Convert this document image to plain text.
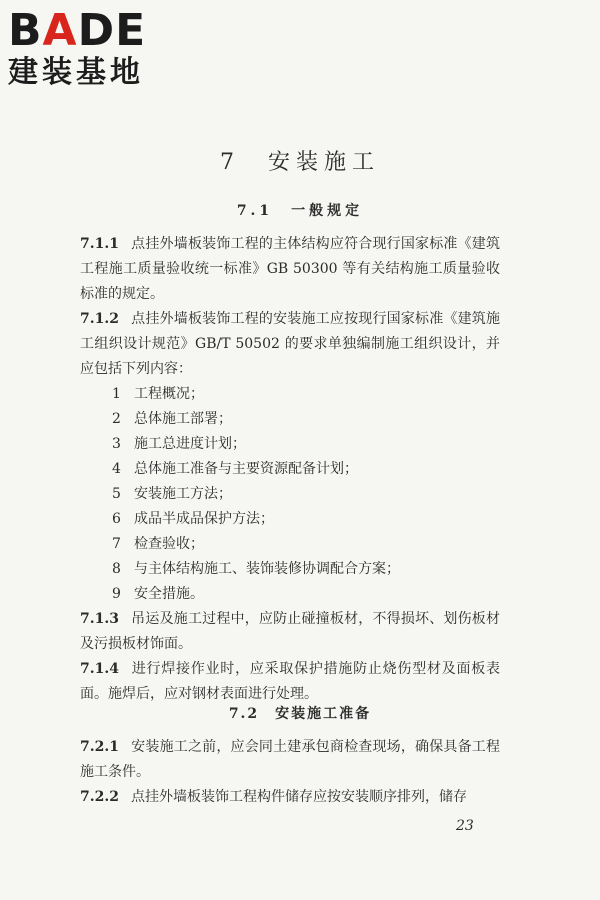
BADE
建装基地
7　安装施工
7.1　一般规定

7.1.1 点挂外墙板装饰工程的主体结构应符合现行国家标准《建筑工程施工质量验收统一标准》GB 50300 等有关结构施工质量验收标准的规定。

7.1.2 点挂外墙板装饰工程的安装施工应按现行国家标准《建筑施工组织设计规范》GB/T 50502 的要求单独编制施工组织设计，并应包括下列内容：

1 工程概况；

2 总体施工部署；

3 施工总进度计划；

4 总体施工准备与主要资源配备计划；

5 安装施工方法；

6 成品半成品保护方法；

7 检查验收；

8 与主体结构施工、装饰装修协调配合方案；

9 安全措施。

7.1.3 吊运及施工过程中，应防止碰撞板材，不得损坏、划伤板材及污损板材饰面。

7.1.4 进行焊接作业时，应采取保护措施防止烧伤型材及面板表面。施焊后，应对钢材表面进行处理。

7.2　安装施工准备

7.2.1 安装施工之前，应会同土建承包商检查现场，确保具备工程施工条件。

7.2.2 点挂外墙板装饰工程构件储存应按安装顺序排列，储存

23
